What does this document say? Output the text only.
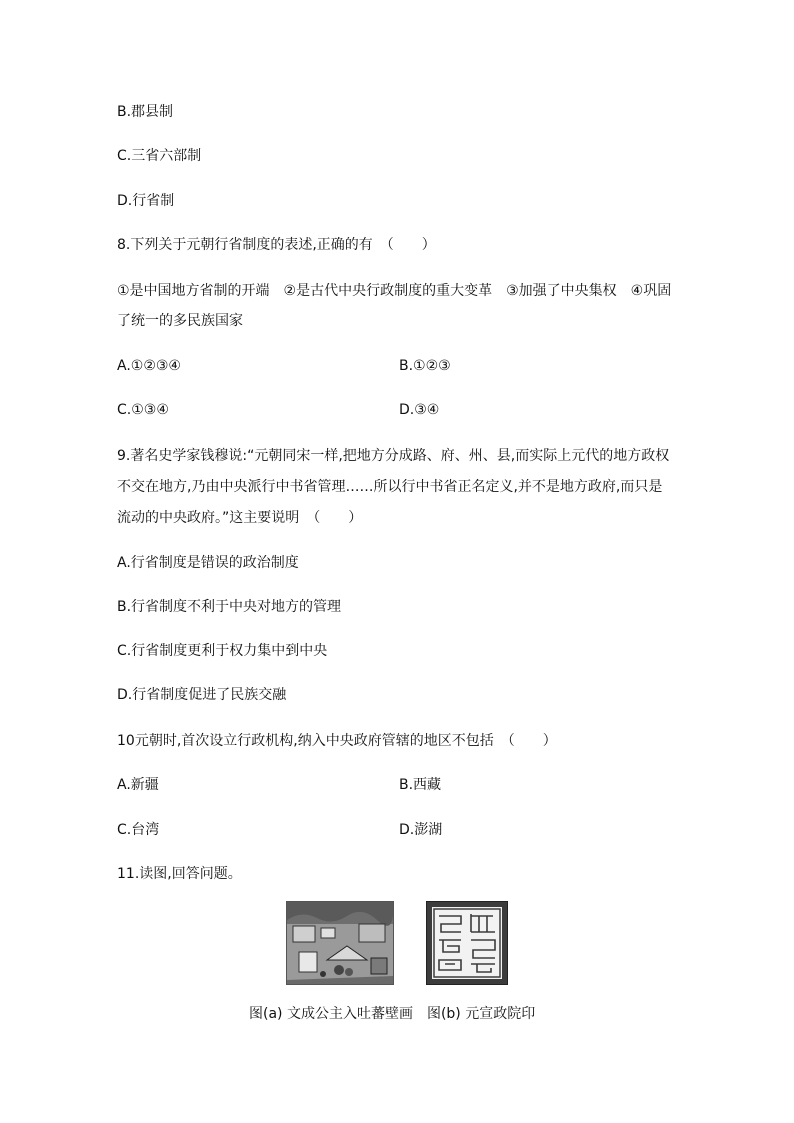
B.郡县制
C.三省六部制
D.行省制
8.下列关于元朝行省制度的表述,正确的有　（　　）
①是中国地方省制的开端　②是古代中央行政制度的重大变革　③加强了中央集权　④巩固
了统一的多民族国家
A.①②③④	B.①②③
C.①③④	D.③④
9.著名史学家钱穆说:“元朝同宋一样,把地方分成路、府、州、县,而实际上元代的地方政权
不交在地方,乃由中央派行中书省管理……所以行中书省正名定义,并不是地方政府,而只是
流动的中央政府。”这主要说明　（　　）
A.行省制度是错误的政治制度
B.行省制度不利于中央对地方的管理
C.行省制度更利于权力集中到中央
D.行省制度促进了民族交融
10元朝时,首次设立行政机构,纳入中央政府管辖的地区不包括　（　　）
A.新疆	B.西藏
C.台湾	D.澎湖
11.读图,回答问题。
图(a) 文成公主入吐蕃壁画 图(b) 元宣政院印
